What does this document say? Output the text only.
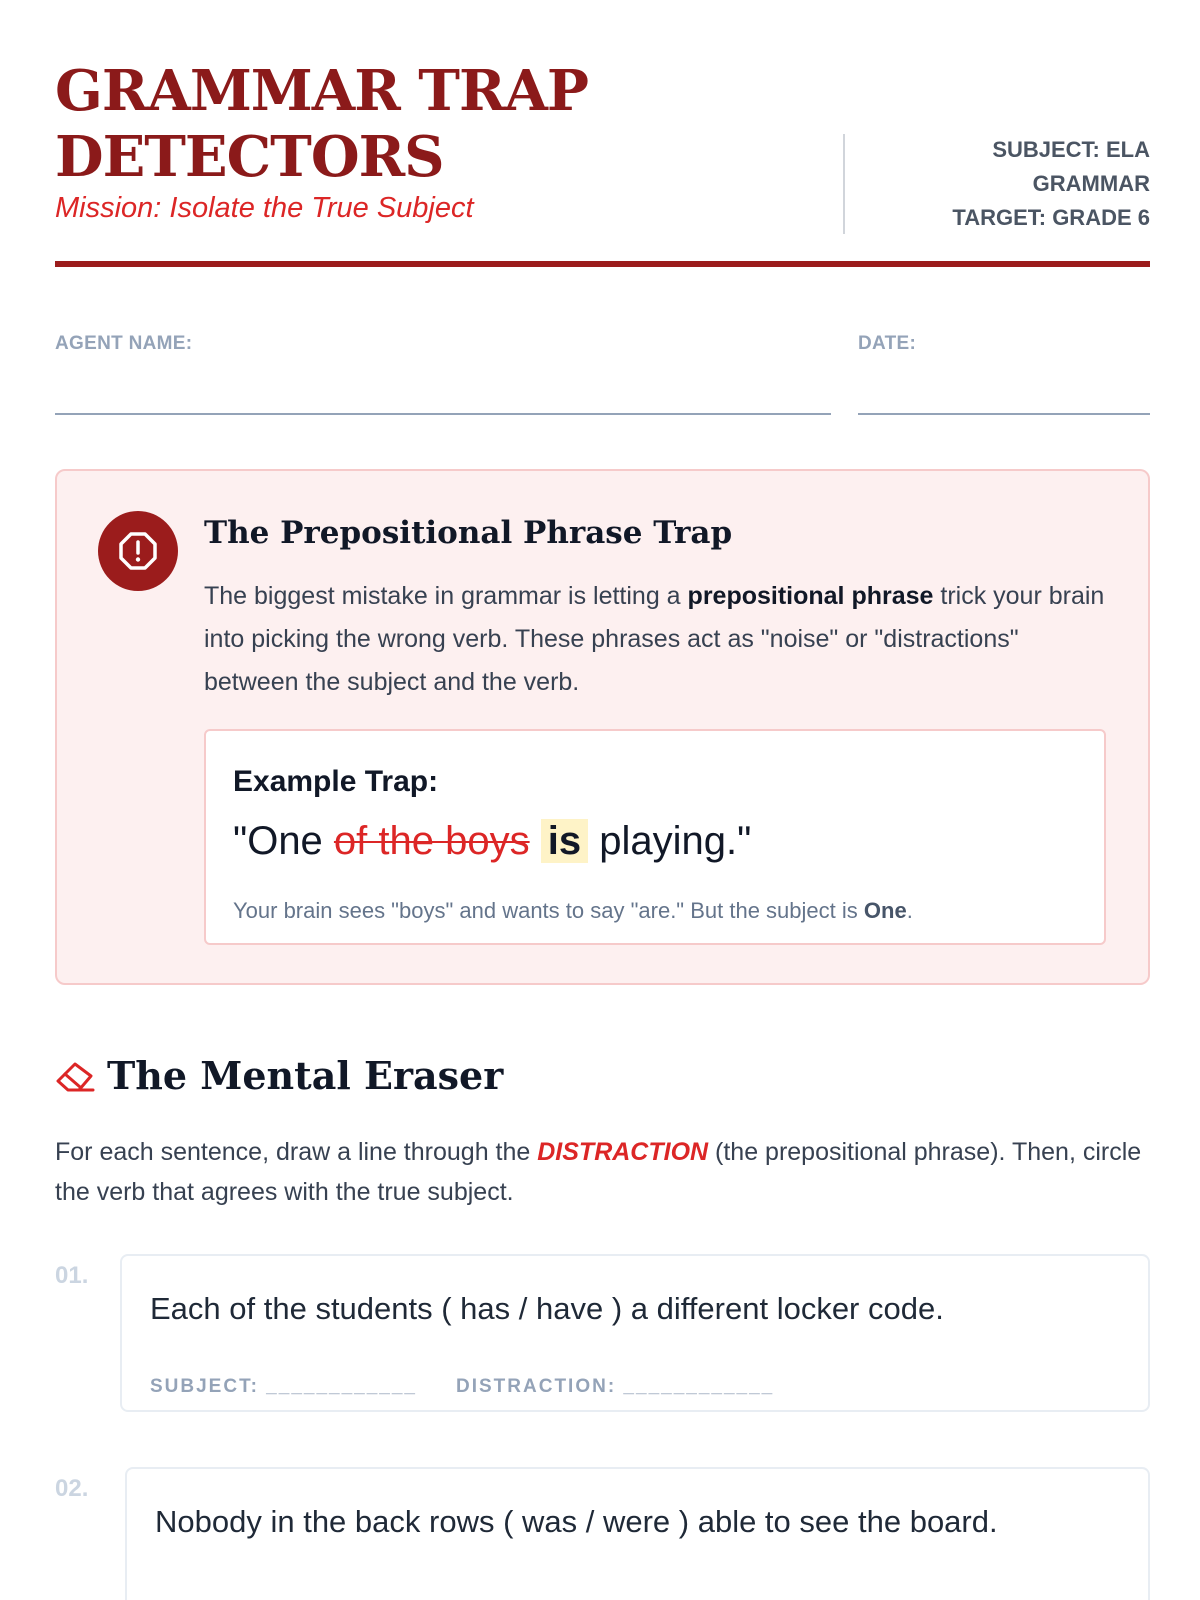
GRAMMAR TRAP
DETECTORS
Mission: Isolate the True Subject
SUBJECT: ELA
GRAMMAR
TARGET: GRADE 6
AGENT NAME:	DATE:
The Prepositional Phrase Trap

The biggest mistake in grammar is letting a prepositional phrase trick your brain into picking the wrong verb. These phrases act as "noise" or "distractions" between the subject and the verb.

Example Trap:
"One of the boys is playing."
Your brain sees "boys" and wants to say "are." But the subject is One.
The Mental Eraser

For each sentence, draw a line through the DISTRACTION (the prepositional phrase). Then, circle the verb that agrees with the true subject.

01.
Each of the students ( has / have ) a different locker code.
SUBJECT: ____________ DISTRACTION: ____________
02.
Nobody in the back rows ( was / were ) able to see the board.
